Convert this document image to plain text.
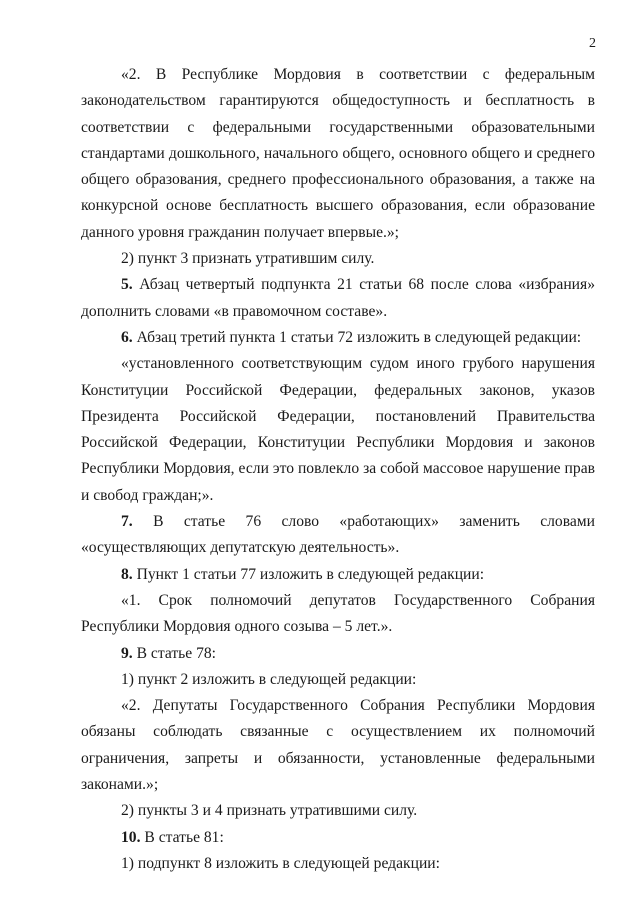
2

«2. В Республике Мордовия в соответствии с федеральным законодательством гарантируются общедоступность и бесплатность в соответствии с федеральными государственными образовательными стандартами дошкольного, начального общего, основного общего и среднего общего образования, среднего профессионального образования, а также на конкурсной основе бесплатность высшего образования, если образование данного уровня гражданин получает впервые.»;

2) пункт 3 признать утратившим силу.

5. Абзац четвертый подпункта 21 статьи 68 после слова «избрания» дополнить словами «в правомочном составе».

6. Абзац третий пункта 1 статьи 72 изложить в следующей редакции:

«установленного соответствующим судом иного грубого нарушения Конституции Российской Федерации, федеральных законов, указов Президента Российской Федерации, постановлений Правительства Российской Федерации, Конституции Республики Мордовия и законов Республики Мордовия, если это повлекло за собой массовое нарушение прав и свобод граждан;».

7. В статье 76 слово «работающих» заменить словами «осуществляющих депутатскую деятельность».

8. Пункт 1 статьи 77 изложить в следующей редакции:

«1. Срок полномочий депутатов Государственного Собрания Республики Мордовия одного созыва – 5 лет.».

9. В статье 78:

1) пункт 2 изложить в следующей редакции:

«2. Депутаты Государственного Собрания Республики Мордовия обязаны соблюдать связанные с осуществлением их полномочий ограничения, запреты и обязанности, установленные федеральными законами.»;

2) пункты 3 и 4 признать утратившими силу.

10. В статье 81:

1) подпункт 8 изложить в следующей редакции:
